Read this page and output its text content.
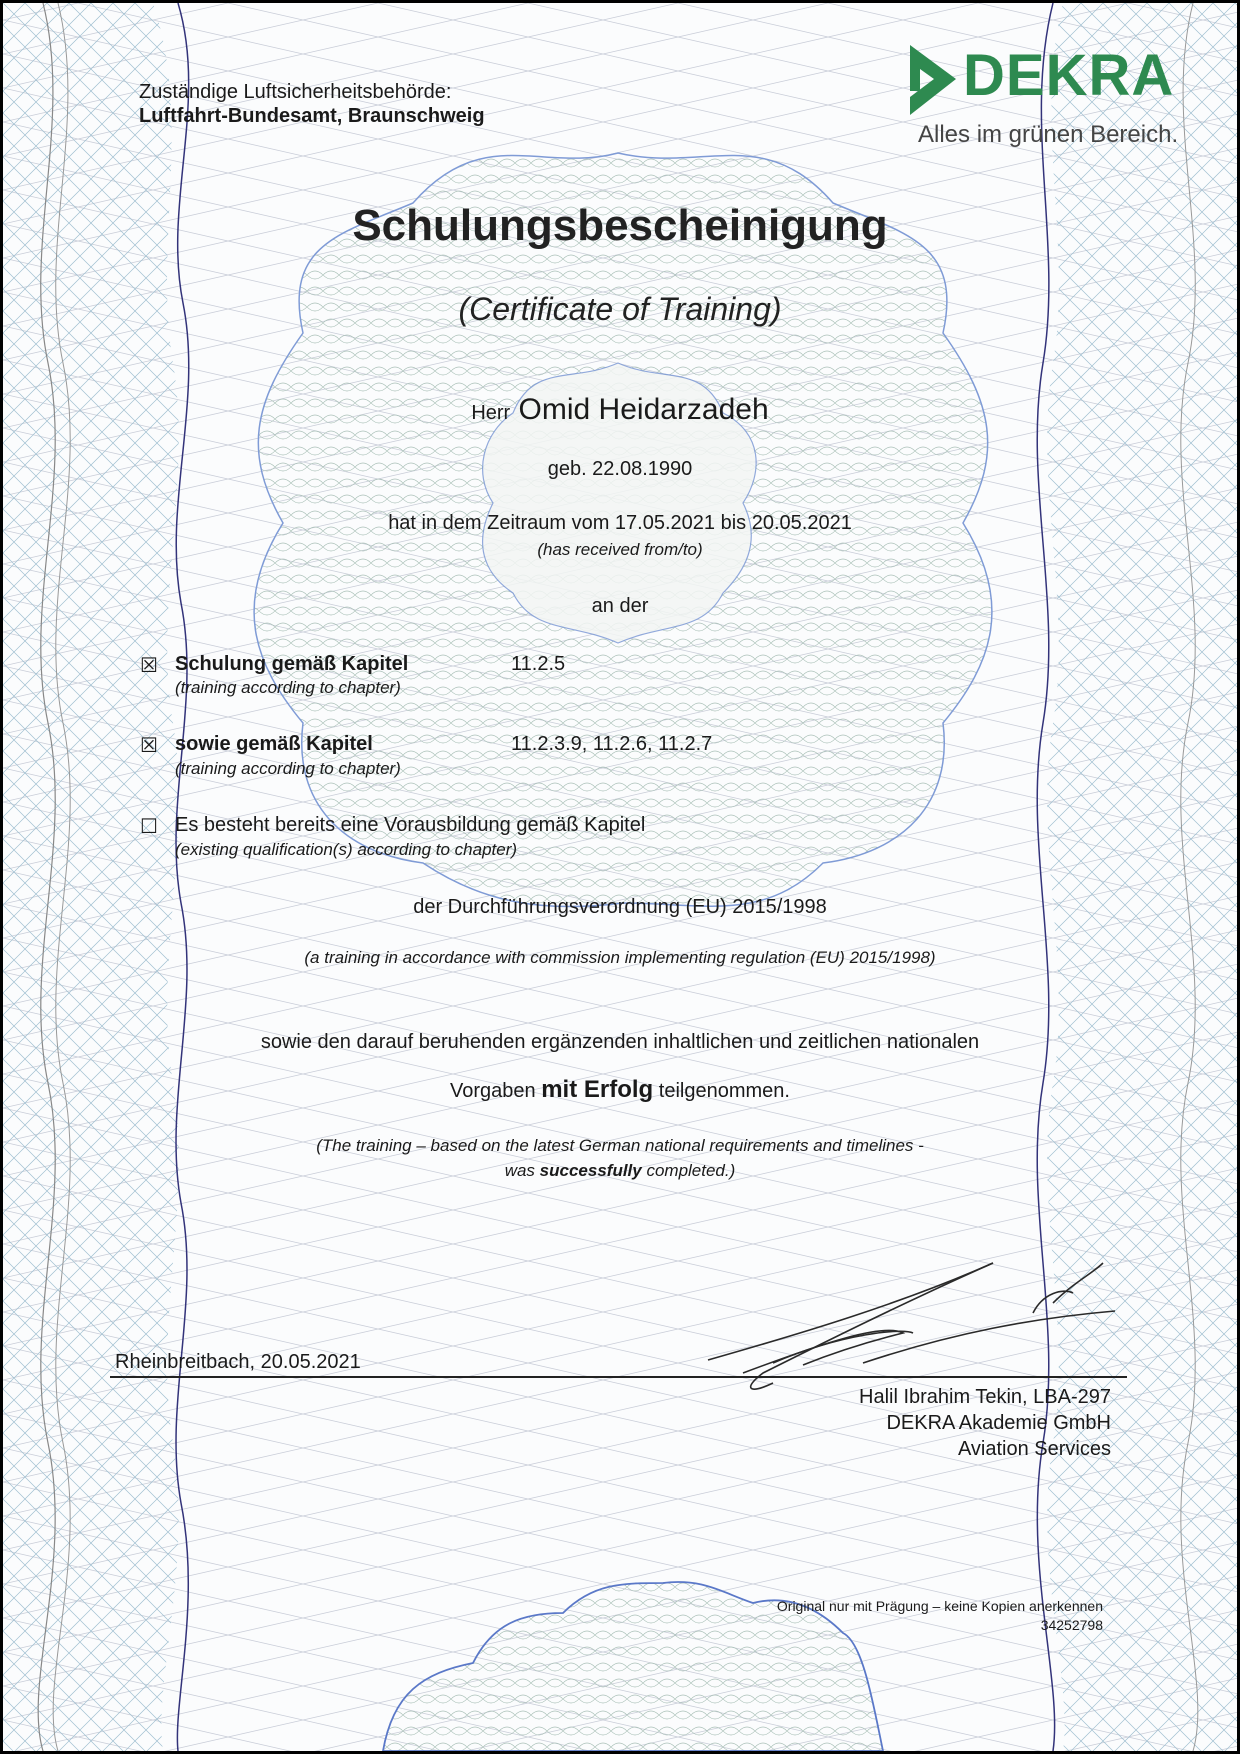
Zuständige Luftsicherheitsbehörde:
Luftfahrt-Bundesamt, Braunschweig
DEKRA
Alles im grünen Bereich.
Schulungsbescheinigung
(Certificate of Training)
Herr Omid Heidarzadeh
geb. 22.08.1990
hat in dem Zeitraum vom 17.05.2021 bis 20.05.2021
(has received from/to)
an der
☒ Schulung gemäß Kapitel
(training according to chapter)
11.2.5
☒ sowie gemäß Kapitel
(training according to chapter)
11.2.3.9, 11.2.6, 11.2.7
☐ Es besteht bereits eine Vorausbildung gemäß Kapitel
(existing qualification(s) according to chapter)
der Durchführungsverordnung (EU) 2015/1998
(a training in accordance with commission implementing regulation (EU) 2015/1998)
sowie den darauf beruhenden ergänzenden inhaltlichen und zeitlichen nationalen
Vorgaben mit Erfolg teilgenommen.
(The training – based on the latest German national requirements and timelines -
was successfully completed.)
Rheinbreitbach, 20.05.2021
Halil Ibrahim Tekin, LBA-297
DEKRA Akademie GmbH
Aviation Services
Original nur mit Prägung – keine Kopien anerkennen
34252798
